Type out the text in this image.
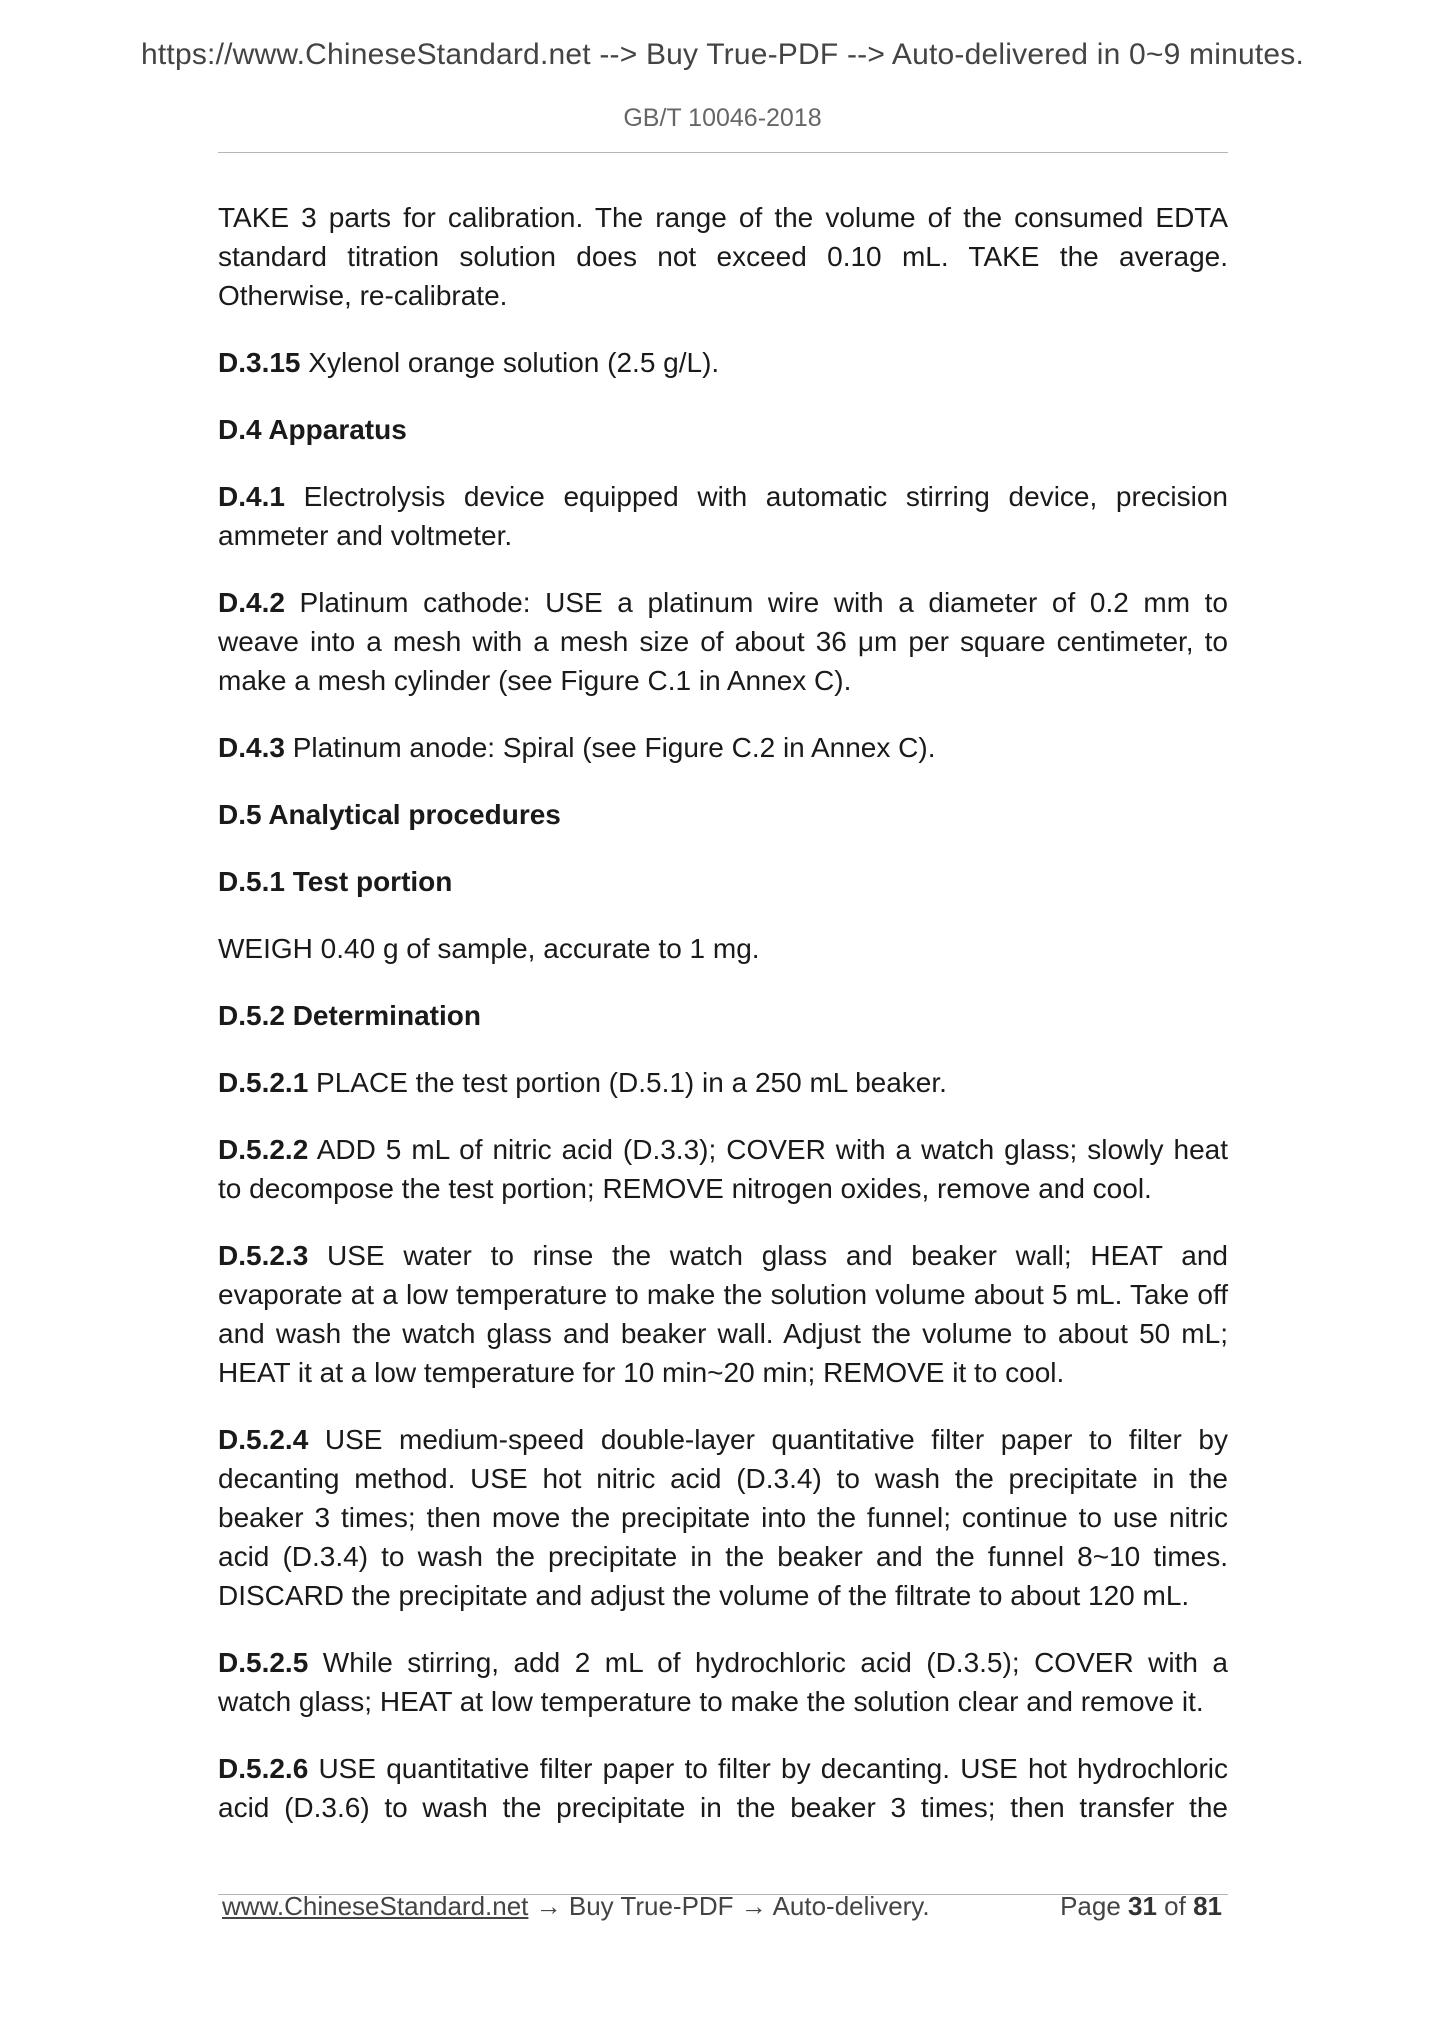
https://www.ChineseStandard.net --> Buy True-PDF --> Auto-delivered in 0~9 minutes.
GB/T 10046-2018

TAKE 3 parts for calibration. The range of the volume of the consumed EDTA standard titration solution does not exceed 0.10 mL. TAKE the average. Otherwise, re-calibrate.

D.3.15 Xylenol orange solution (2.5 g/L).

D.4 Apparatus

D.4.1 Electrolysis device equipped with automatic stirring device, precision ammeter and voltmeter.

D.4.2 Platinum cathode: USE a platinum wire with a diameter of 0.2 mm to weave into a mesh with a mesh size of about 36 μm per square centimeter, to make a mesh cylinder (see Figure C.1 in Annex C).

D.4.3 Platinum anode: Spiral (see Figure C.2 in Annex C).

D.5 Analytical procedures

D.5.1 Test portion

WEIGH 0.40 g of sample, accurate to 1 mg.

D.5.2 Determination

D.5.2.1 PLACE the test portion (D.5.1) in a 250 mL beaker.

D.5.2.2 ADD 5 mL of nitric acid (D.3.3); COVER with a watch glass; slowly heat to decompose the test portion; REMOVE nitrogen oxides, remove and cool.

D.5.2.3 USE water to rinse the watch glass and beaker wall; HEAT and evaporate at a low temperature to make the solution volume about 5 mL. Take off and wash the watch glass and beaker wall. Adjust the volume to about 50 mL; HEAT it at a low temperature for 10 min~20 min; REMOVE it to cool.

D.5.2.4 USE medium-speed double-layer quantitative filter paper to filter by decanting method. USE hot nitric acid (D.3.4) to wash the precipitate in the beaker 3 times; then move the precipitate into the funnel; continue to use nitric acid (D.3.4) to wash the precipitate in the beaker and the funnel 8~10 times. DISCARD the precipitate and adjust the volume of the filtrate to about 120 mL.

D.5.2.5 While stirring, add 2 mL of hydrochloric acid (D.3.5); COVER with a watch glass; HEAT at low temperature to make the solution clear and remove it.

D.5.2.6 USE quantitative filter paper to filter by decanting. USE hot hydrochloric acid (D.3.6) to wash the precipitate in the beaker 3 times; then transfer the

www.ChineseStandard.net → Buy True-PDF → Auto-delivery.	Page 31 of 81
